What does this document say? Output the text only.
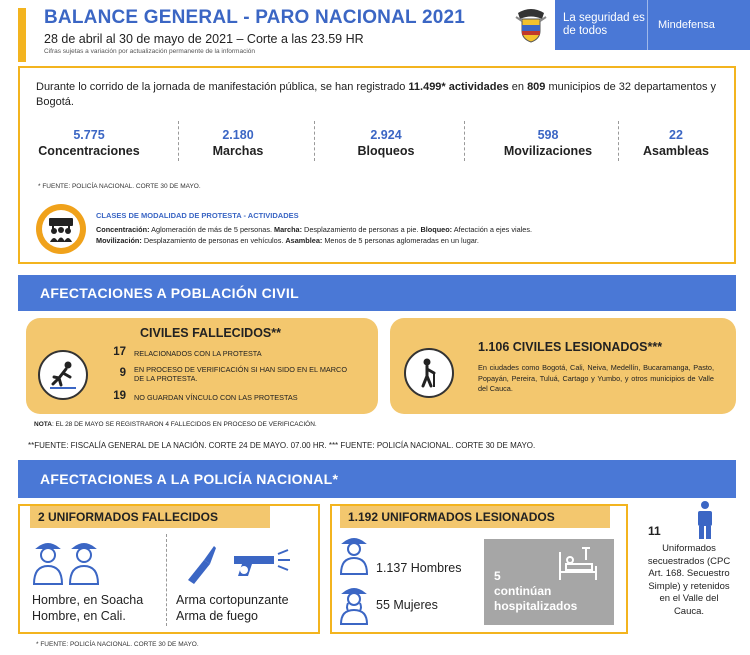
BALANCE GENERAL - PARO NACIONAL 2021
28 de abril al 30 de mayo de 2021 – Corte a las 23.59 HR
Cifras sujetas a variación por actualización permanente de la información
La seguridad es de todos	Mindefensa
Durante lo corrido de la jornada de manifestación pública, se han registrado 11.499* actividades en 809 municipios de 32 departamentos y Bogotá.
5.775
Concentraciones
2.180
Marchas
2.924
Bloqueos
598
Movilizaciones
22
Asambleas
* FUENTE: POLICÍA NACIONAL. CORTE 30 DE MAYO.
CLASES DE MODALIDAD DE PROTESTA - ACTIVIDADES
Concentración: Aglomeración de más de 5 personas. Marcha: Desplazamiento de personas a pie. Bloqueo: Afectación a ejes viales.
Movilización: Desplazamiento de personas en vehículos. Asamblea: Menos de 5 personas aglomeradas en un lugar.
AFECTACIONES A POBLACIÓN CIVIL
CIVILES FALLECIDOS**
17 RELACIONADOS CON LA PROTESTA
9 EN PROCESO DE VERIFICACIÓN SI HAN SIDO EN EL MARCO DE LA PROTESTA.
19 NO GUARDAN VÍNCULO CON LAS PROTESTAS
1.106 CIVILES LESIONADOS***
En ciudades como Bogotá, Cali, Neiva, Medellín, Bucaramanga, Pasto, Popayán, Pereira, Tuluá, Cartago y Yumbo, y otros municipios de Valle del Cauca.
NOTA: EL 28 DE MAYO SE REGISTRARON 4 FALLECIDOS EN PROCESO DE VERIFICACIÓN.
**FUENTE: FISCALÍA GENERAL DE LA NACIÓN. CORTE 24 DE MAYO. 07.00 HR. *** FUENTE: POLICÍA NACIONAL. CORTE 30 DE MAYO.
AFECTACIONES A LA POLICÍA NACIONAL*
2 UNIFORMADOS FALLECIDOS
Hombre, en Soacha
Hombre, en Cali.
Arma cortopunzante
Arma de fuego
1.192 UNIFORMADOS LESIONADOS
1.137 Hombres
55 Mujeres
5
continúan
hospitalizados
11
Uniformados secuestrados (CPC Art. 168. Secuestro Simple) y retenidos en el Valle del Cauca.
* FUENTE: POLICÍA NACIONAL. CORTE 30 DE MAYO.
